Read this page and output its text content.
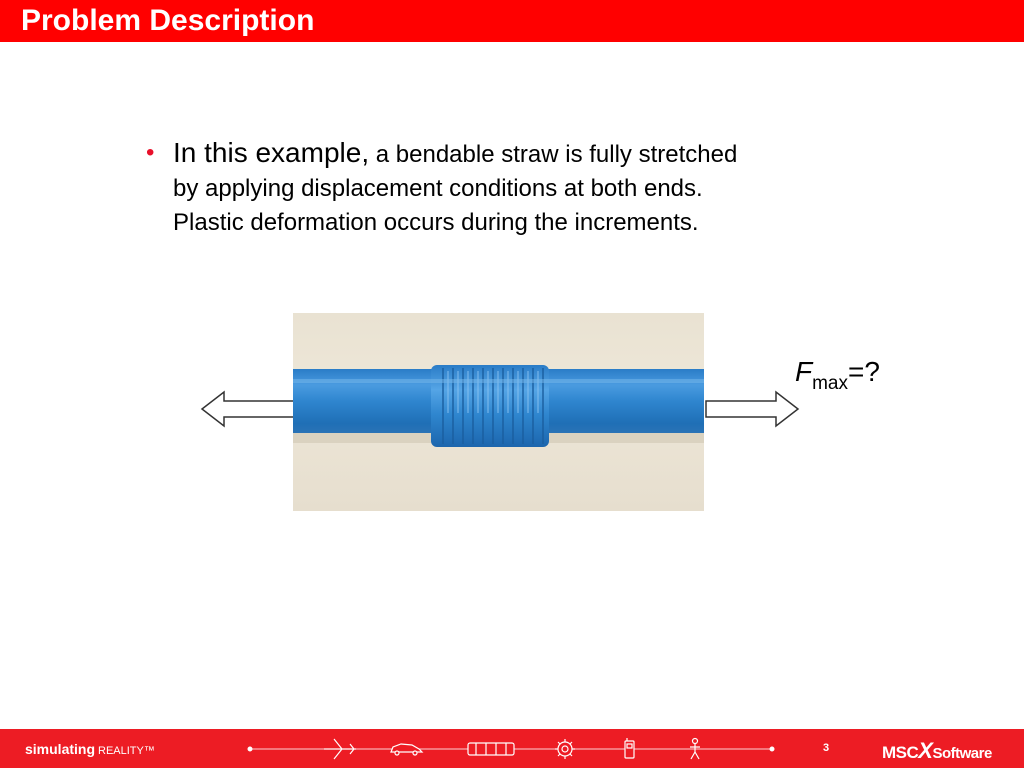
Problem Description
• In this example, a bendable straw is fully stretched
by applying displacement conditions at both ends.
Plastic deformation occurs during the increments.
$F_{max}=$?
simulating REALITY™	3	MSCXSoftware
